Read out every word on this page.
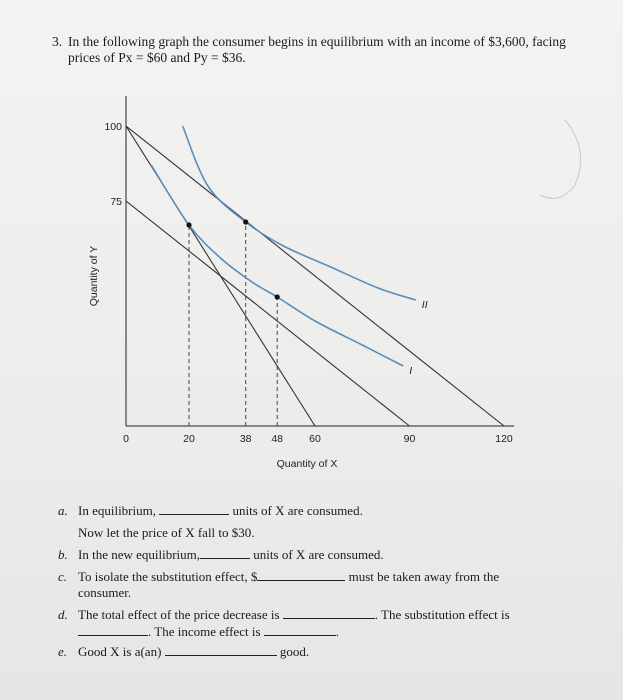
3. In the following graph the consumer begins in equilibrium with an income of $3,600, facing
prices of Px = $60 and Py = $36.
I
II
0	20	38 48 60	90	120
100
75
Quantity of X
Quantity of Y
a. In equilibrium,	units of X are consumed.
Now let the price of X fall to $30.
b. In the new equilibrium,	units of X are consumed.
c. To isolate the substitution effect, $	must be taken away from the
consumer.
d. The total effect of the price decrease is	. The substitution effect is
. The income effect is	.
e. Good X is a(an)	good.
